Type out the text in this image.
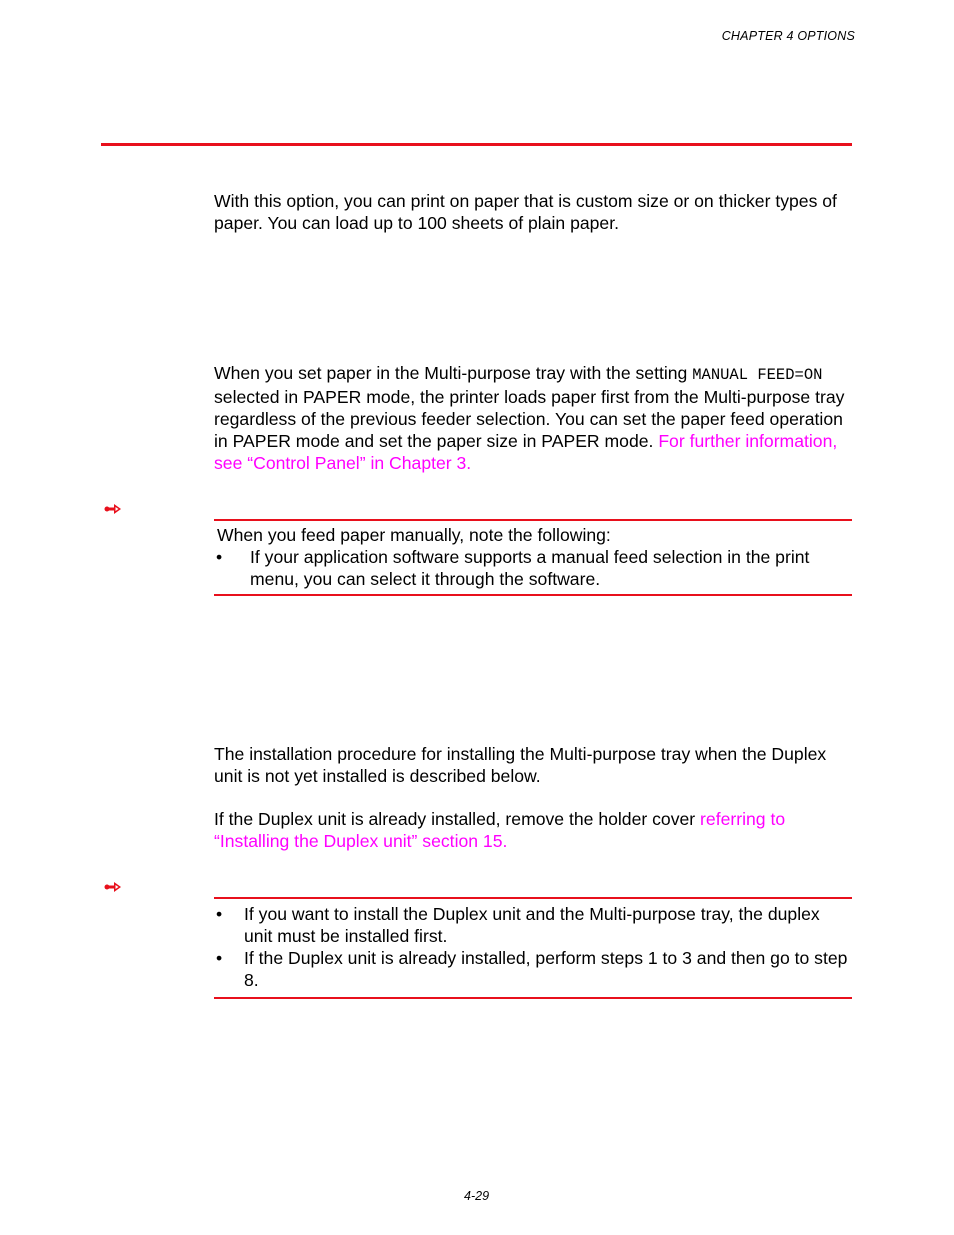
CHAPTER 4 OPTIONS

With this option, you can print on paper that is custom size or on thicker types of paper. You can load up to 100 sheets of plain paper.

When you set paper in the Multi-purpose tray with the setting MANUAL FEED=ON selected in PAPER mode, the printer loads paper first from the Multi-purpose tray regardless of the previous feeder selection. You can set the paper feed operation in PAPER mode and set the paper size in PAPER mode. For further information, see “Control Panel” in Chapter 3.

When you feed paper manually, note the following:
• If your application software supports a manual feed selection in the print menu, you can select it through the software.

The installation procedure for installing the Multi-purpose tray when the Duplex unit is not yet installed is described below.

If the Duplex unit is already installed, remove the holder cover referring to “Installing the Duplex unit” section 15.

• If you want to install the Duplex unit and the Multi-purpose tray, the duplex unit must be installed first.
• If the Duplex unit is already installed, perform steps 1 to 3 and then go to step 8.
4-29
